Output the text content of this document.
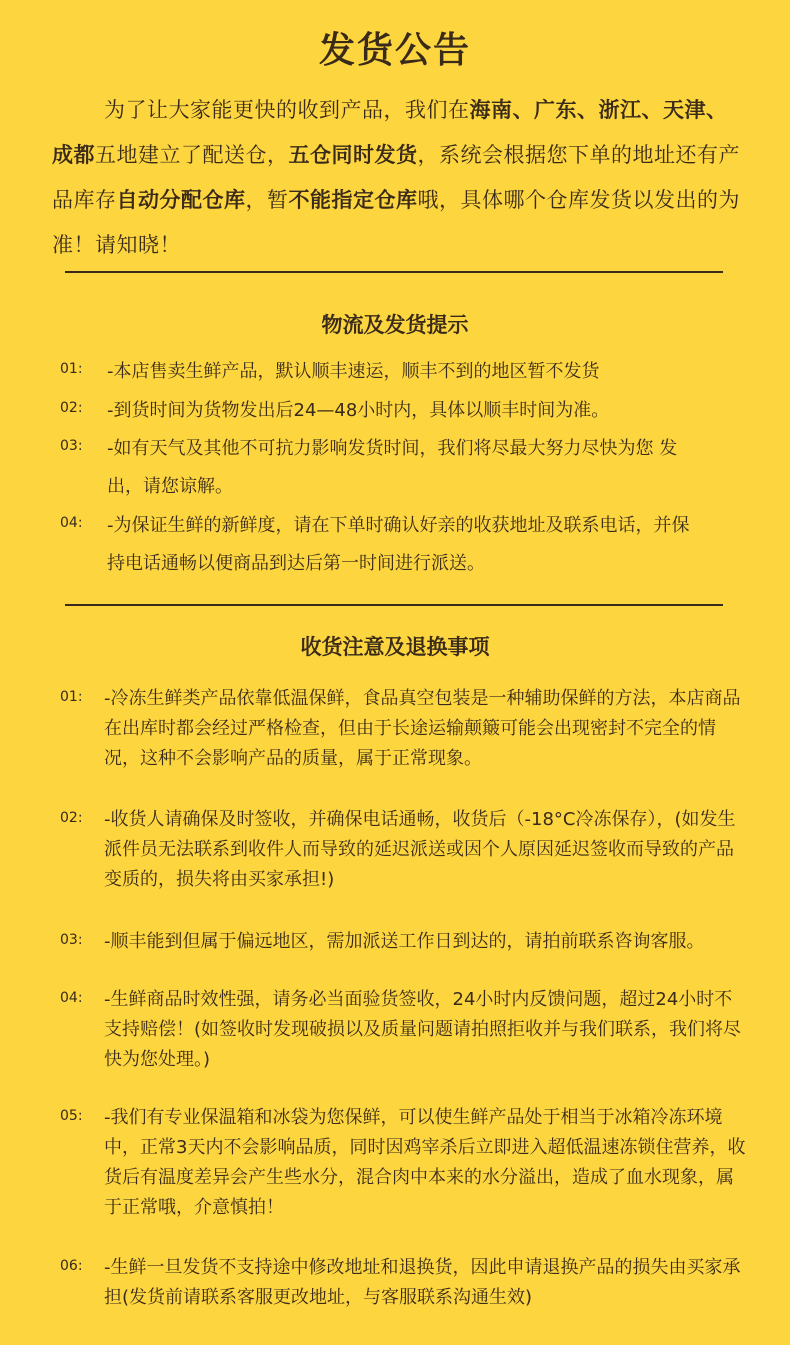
发货公告
为了让大家能更快的收到产品，我们在海南、广东、浙江、天津、成都五地建立了配送仓，五仓同时发货，系统会根据您下单的地址还有产品库存自动分配仓库，暂不能指定仓库哦，具体哪个仓库发货以发出的为准！请知晓！
物流及发货提示
01: -本店售卖生鲜产品，默认顺丰速运，顺丰不到的地区暂不发货
02: -到货时间为货物发出后24—48小时内，具体以顺丰时间为准。
03: -如有天气及其他不可抗力影响发货时间，我们将尽最大努力尽快为您 发出，请您谅解。
04: -为保证生鲜的新鲜度，请在下单时确认好亲的收获地址及联系电话，并保持电话通畅以便商品到达后第一时间进行派送。
收货注意及退换事项
01: -冷冻生鲜类产品依靠低温保鲜，食品真空包装是一种辅助保鲜的方法，本店商品在出库时都会经过严格检查，但由于长途运输颠簸可能会出现密封不完全的情况，这种不会影响产品的质量，属于正常现象。
02: -收货人请确保及时签收，并确保电话通畅，收货后（-18°C冷冻保存），(如发生派件员无法联系到收件人而导致的延迟派送或因个人原因延迟签收而导致的产品变质的，损失将由买家承担!)
03: -顺丰能到但属于偏远地区，需加派送工作日到达的，请拍前联系咨询客服。
04: -生鲜商品时效性强，请务必当面验货签收，24小时内反馈问题，超过24小时不支持赔偿！(如签收时发现破损以及质量问题请拍照拒收并与我们联系，我们将尽快为您处理。)
05: -我们有专业保温箱和冰袋为您保鲜，可以使生鲜产品处于相当于冰箱冷冻环境中，正常3天内不会影响品质，同时因鸡宰杀后立即进入超低温速冻锁住营养，收货后有温度差异会产生些水分，混合肉中本来的水分溢出，造成了血水现象，属于正常哦，介意慎拍！
06: -生鲜一旦发货不支持途中修改地址和退换货，因此申请退换产品的损失由买家承担(发货前请联系客服更改地址，与客服联系沟通生效)
